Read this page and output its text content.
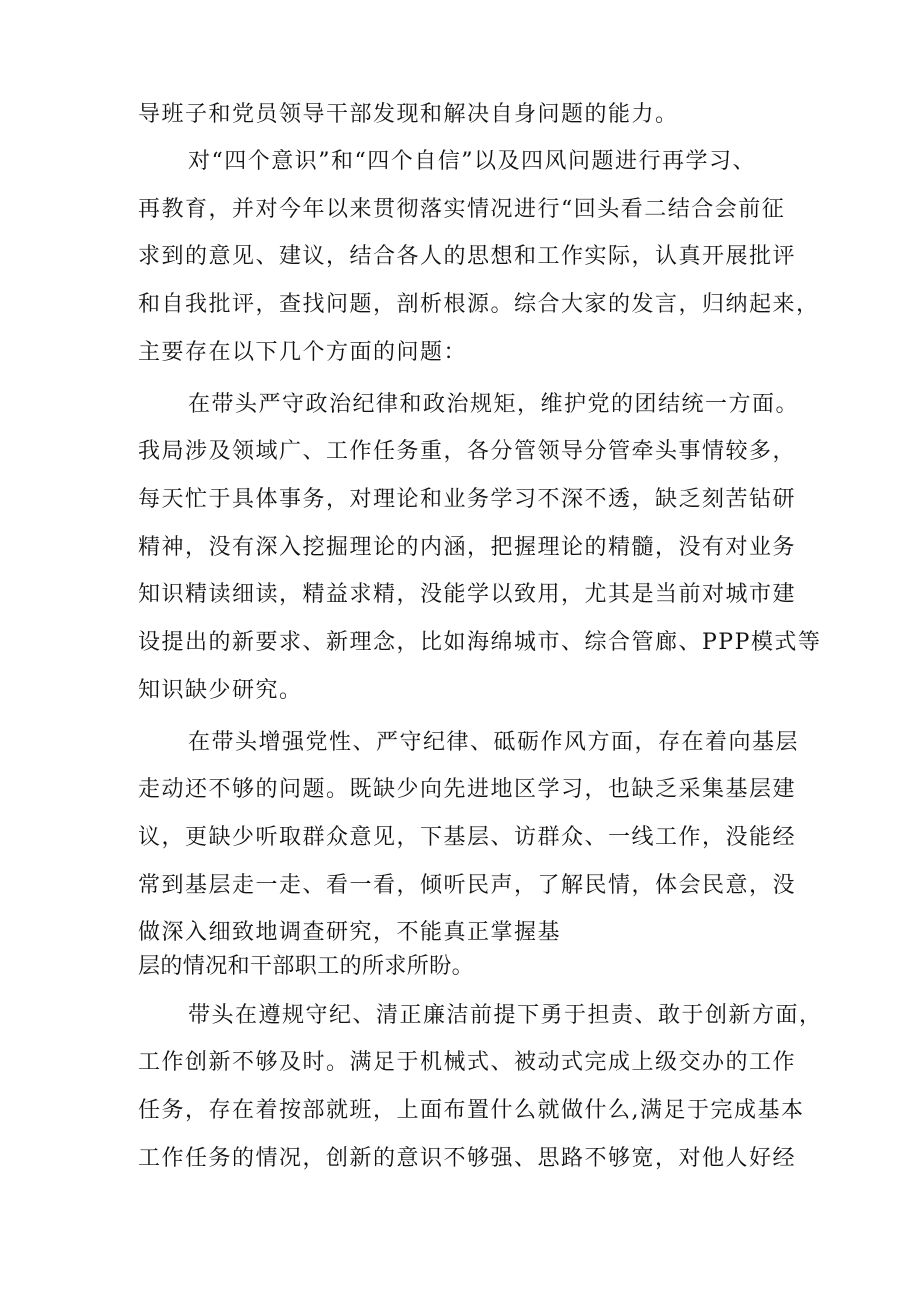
导班子和党员领导干部发现和解决自身问题的能力。
对“四个意识”和“四个自信”以及四风问题进行再学习、
再教育，并对今年以来贯彻落实情况进行“回头看二结合会前征
求到的意见、建议，结合各人的思想和工作实际，认真开展批评
和自我批评，查找问题，剖析根源。综合大家的发言，归纳起来，
主要存在以下几个方面的问题：
在带头严守政治纪律和政治规矩，维护党的团结统一方面。
我局涉及领域广、工作任务重，各分管领导分管牵头事情较多，
每天忙于具体事务，对理论和业务学习不深不透，缺乏刻苦钻研
精神，没有深入挖掘理论的内涵，把握理论的精髓，没有对业务
知识精读细读，精益求精，没能学以致用，尤其是当前对城市建
设提出的新要求、新理念，比如海绵城市、综合管廊、PPP模式等
知识缺少研究。
在带头增强党性、严守纪律、砥砺作风方面，存在着向基层
走动还不够的问题。既缺少向先进地区学习，也缺乏采集基层建
议，更缺少听取群众意见，下基层、访群众、一线工作，没能经
常到基层走一走、看一看，倾听民声，了解民情，体会民意，没
做深入细致地调查研究，不能真正掌握基
层的情况和干部职工的所求所盼。
带头在遵规守纪、清正廉洁前提下勇于担责、敢于创新方面，
工作创新不够及时。满足于机械式、被动式完成上级交办的工作
任务，存在着按部就班，上面布置什么就做什么,满足于完成基本
工作任务的情况，创新的意识不够强、思路不够宽，对他人好经
